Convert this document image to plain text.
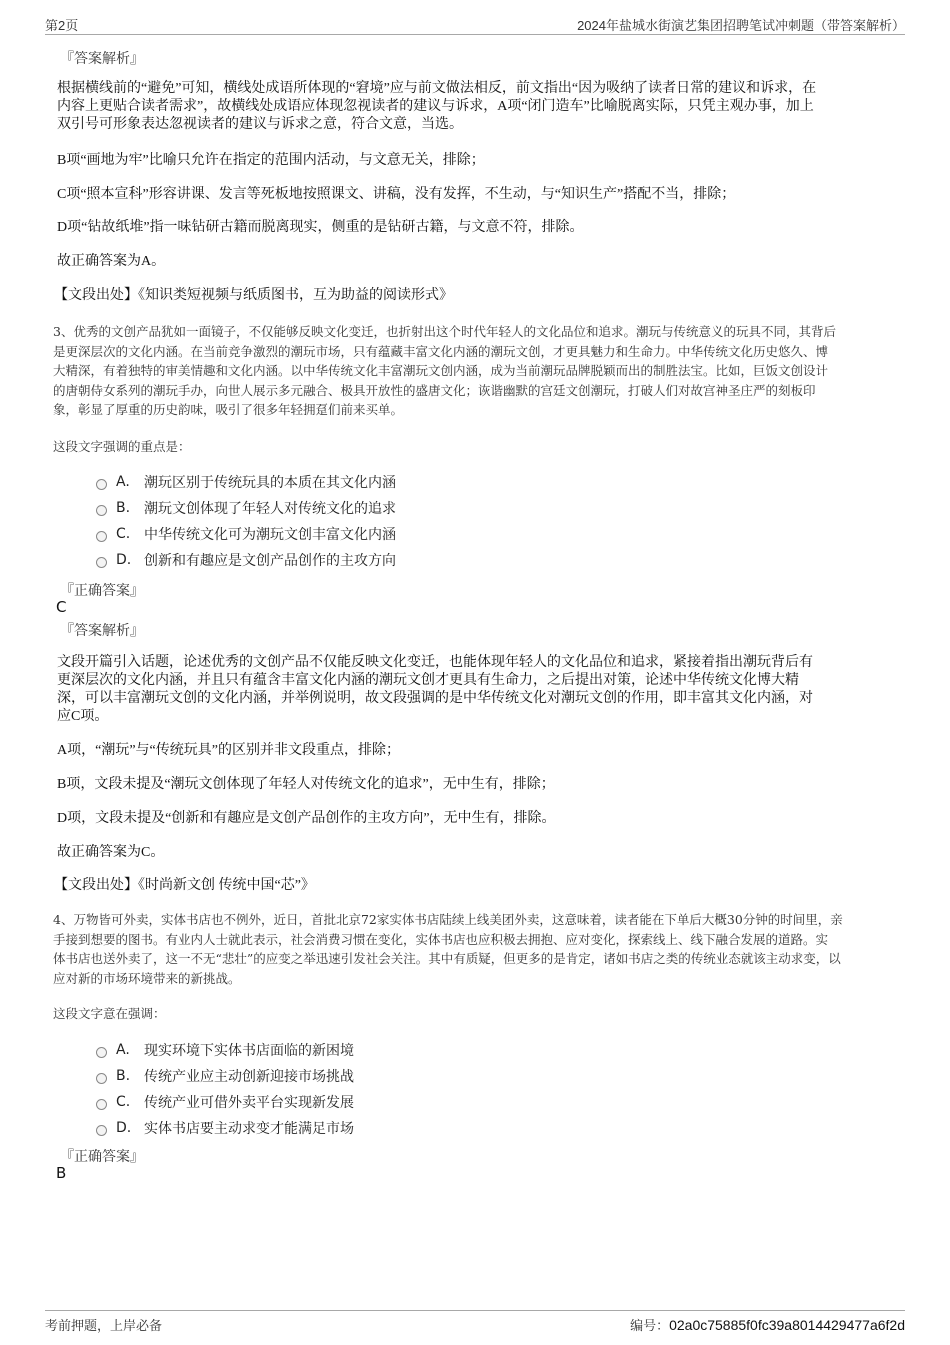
第2页	2024年盐城水街演艺集团招聘笔试冲刺题（带答案解析）
『答案解析』
根据横线前的“避免”可知，横线处成语所体现的“窘境”应与前文做法相反，前文指出“因为吸纳了读者日常的建议和诉求，在
内容上更贴合读者需求”，故横线处成语应体现忽视读者的建议与诉求，A项“闭门造车”比喻脱离实际，只凭主观办事，加上
双引号可形象表达忽视读者的建议与诉求之意，符合文意，当选。
B项“画地为牢”比喻只允许在指定的范围内活动，与文意无关，排除；
C项“照本宣科”形容讲课、发言等死板地按照课文、讲稿，没有发挥，不生动，与“知识生产”搭配不当，排除；
D项“钻故纸堆”指一味钻研古籍而脱离现实，侧重的是钻研古籍，与文意不符，排除。
故正确答案为A。
【文段出处】《知识类短视频与纸质图书，互为助益的阅读形式》
3、优秀的文创产品犹如一面镜子，不仅能够反映文化变迁，也折射出这个时代年轻人的文化品位和追求。潮玩与传统意义的玩具不同，其背后
是更深层次的文化内涵。在当前竞争激烈的潮玩市场，只有蕴藏丰富文化内涵的潮玩文创，才更具魅力和生命力。中华传统文化历史悠久、博
大精深，有着独特的审美情趣和文化内涵。以中华传统文化丰富潮玩文创内涵，成为当前潮玩品牌脱颖而出的制胜法宝。比如，巨饭文创设计
的唐朝侍女系列的潮玩手办，向世人展示多元融合、极具开放性的盛唐文化；诙谐幽默的宫廷文创潮玩，打破人们对故宫神圣庄严的刻板印
象，彰显了厚重的历史韵味，吸引了很多年轻拥趸们前来买单。
这段文字强调的重点是：
A.	潮玩区别于传统玩具的本质在其文化内涵
B. 潮玩文创体现了年轻人对传统文化的追求
C. 中华传统文化可为潮玩文创丰富文化内涵
D. 创新和有趣应是文创产品创作的主攻方向
『正确答案』
C
『答案解析』
文段开篇引入话题，论述优秀的文创产品不仅能反映文化变迁，也能体现年轻人的文化品位和追求，紧接着指出潮玩背后有
更深层次的文化内涵，并且只有蕴含丰富文化内涵的潮玩文创才更具有生命力，之后提出对策，论述中华传统文化博大精
深，可以丰富潮玩文创的文化内涵，并举例说明，故文段强调的是中华传统文化对潮玩文创的作用，即丰富其文化内涵，对
应C项。
A项，“潮玩”与“传统玩具”的区别并非文段重点，排除；
B项，文段未提及“潮玩文创体现了年轻人对传统文化的追求”，无中生有，排除；
D项，文段未提及“创新和有趣应是文创产品创作的主攻方向”，无中生有，排除。
故正确答案为C。
【文段出处】《时尚新文创 传统中国“芯”》
4、万物皆可外卖，实体书店也不例外，近日，首批北京72家实体书店陆续上线美团外卖，这意味着，读者能在下单后大概30分钟的时间里，亲
手接到想要的图书。有业内人士就此表示，社会消费习惯在变化，实体书店也应积极去拥抱、应对变化，探索线上、线下融合发展的道路。实
体书店也送外卖了，这一不无“悲壮”的应变之举迅速引发社会关注。其中有质疑，但更多的是肯定，诸如书店之类的传统业态就该主动求变，以
应对新的市场环境带来的新挑战。
这段文字意在强调：
A.	现实环境下实体书店面临的新困境
B. 传统产业应主动创新迎接市场挑战
C. 传统产业可借外卖平台实现新发展
D. 实体书店要主动求变才能满足市场
『正确答案』
B
考前押题，上岸必备	编号：02a0c75885f0fc39a8014429477a6f2d
